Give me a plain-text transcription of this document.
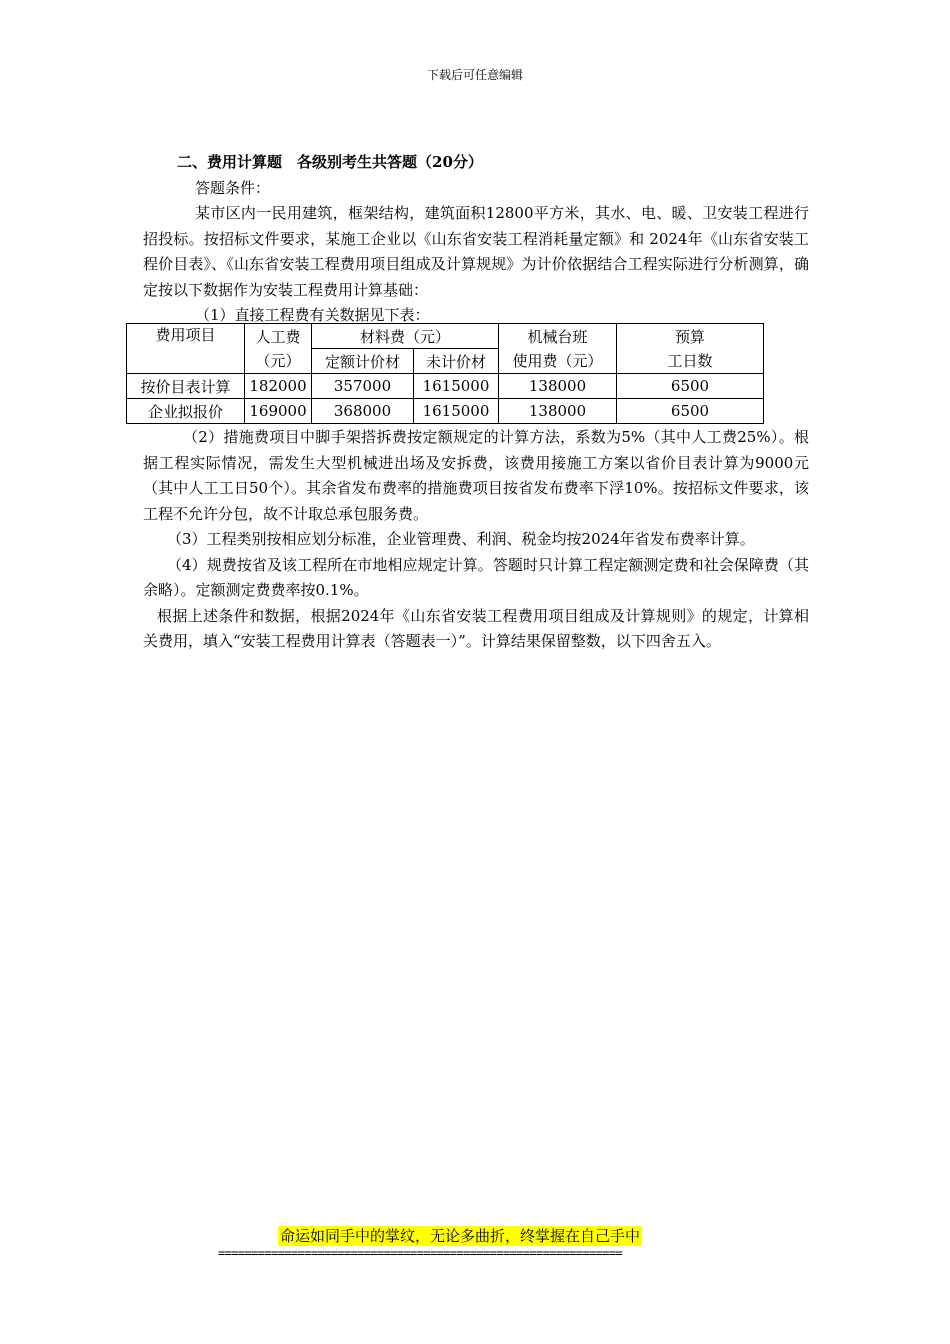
下载后可任意编辑
二、费用计算题　各级别考生共答题（20分）
答题条件：
某市区内一民用建筑，框架结构，建筑面积12800平方米，其水、电、暖、卫安装工程进行招投标。按招标文件要求，某施工企业以《山东省安装工程消耗量定额》和 2024年《山东省安装工程价目表》、《山东省安装工程费用项目组成及计算规规》为计价依据结合工程实际进行分析测算，确定按以下数据作为安装工程费用计算基础：
（1）直接工程费有关数据见下表：
费用项目	人工费	材料费（元）		机械台班	预算
	（元）	定额计价材	未计价材	使用费（元）	工日数
按价目表计算	182000	357000	1615000	138000	6500
企业拟报价	169000	368000	1615000	138000	6500
（2）措施费项目中脚手架搭拆费按定额规定的计算方法，系数为5%（其中人工费25%）。根据工程实际情况，需发生大型机械进出场及安拆费，该费用接施工方案以省价目表计算为9000元（其中人工工日50个）。其余省发布费率的措施费项目按省发布费率下浮10%。按招标文件要求，该工程不允许分包，故不计取总承包服务费。
（3）工程类别按相应划分标准，企业管理费、利润、税金均按2024年省发布费率计算。
（4）规费按省及该工程所在市地相应规定计算。答题时只计算工程定额测定费和社会保障费（其余略）。定额测定费费率按0.1%。
根据上述条件和数据，根据2024年《山东省安装工程费用项目组成及计算规则》的规定，计算相关费用，填入“安装工程费用计算表（答题表一）”。计算结果保留整数，以下四舍五入。
命运如同手中的掌纹，无论多曲折，终掌握在自己手中
=============================================================
